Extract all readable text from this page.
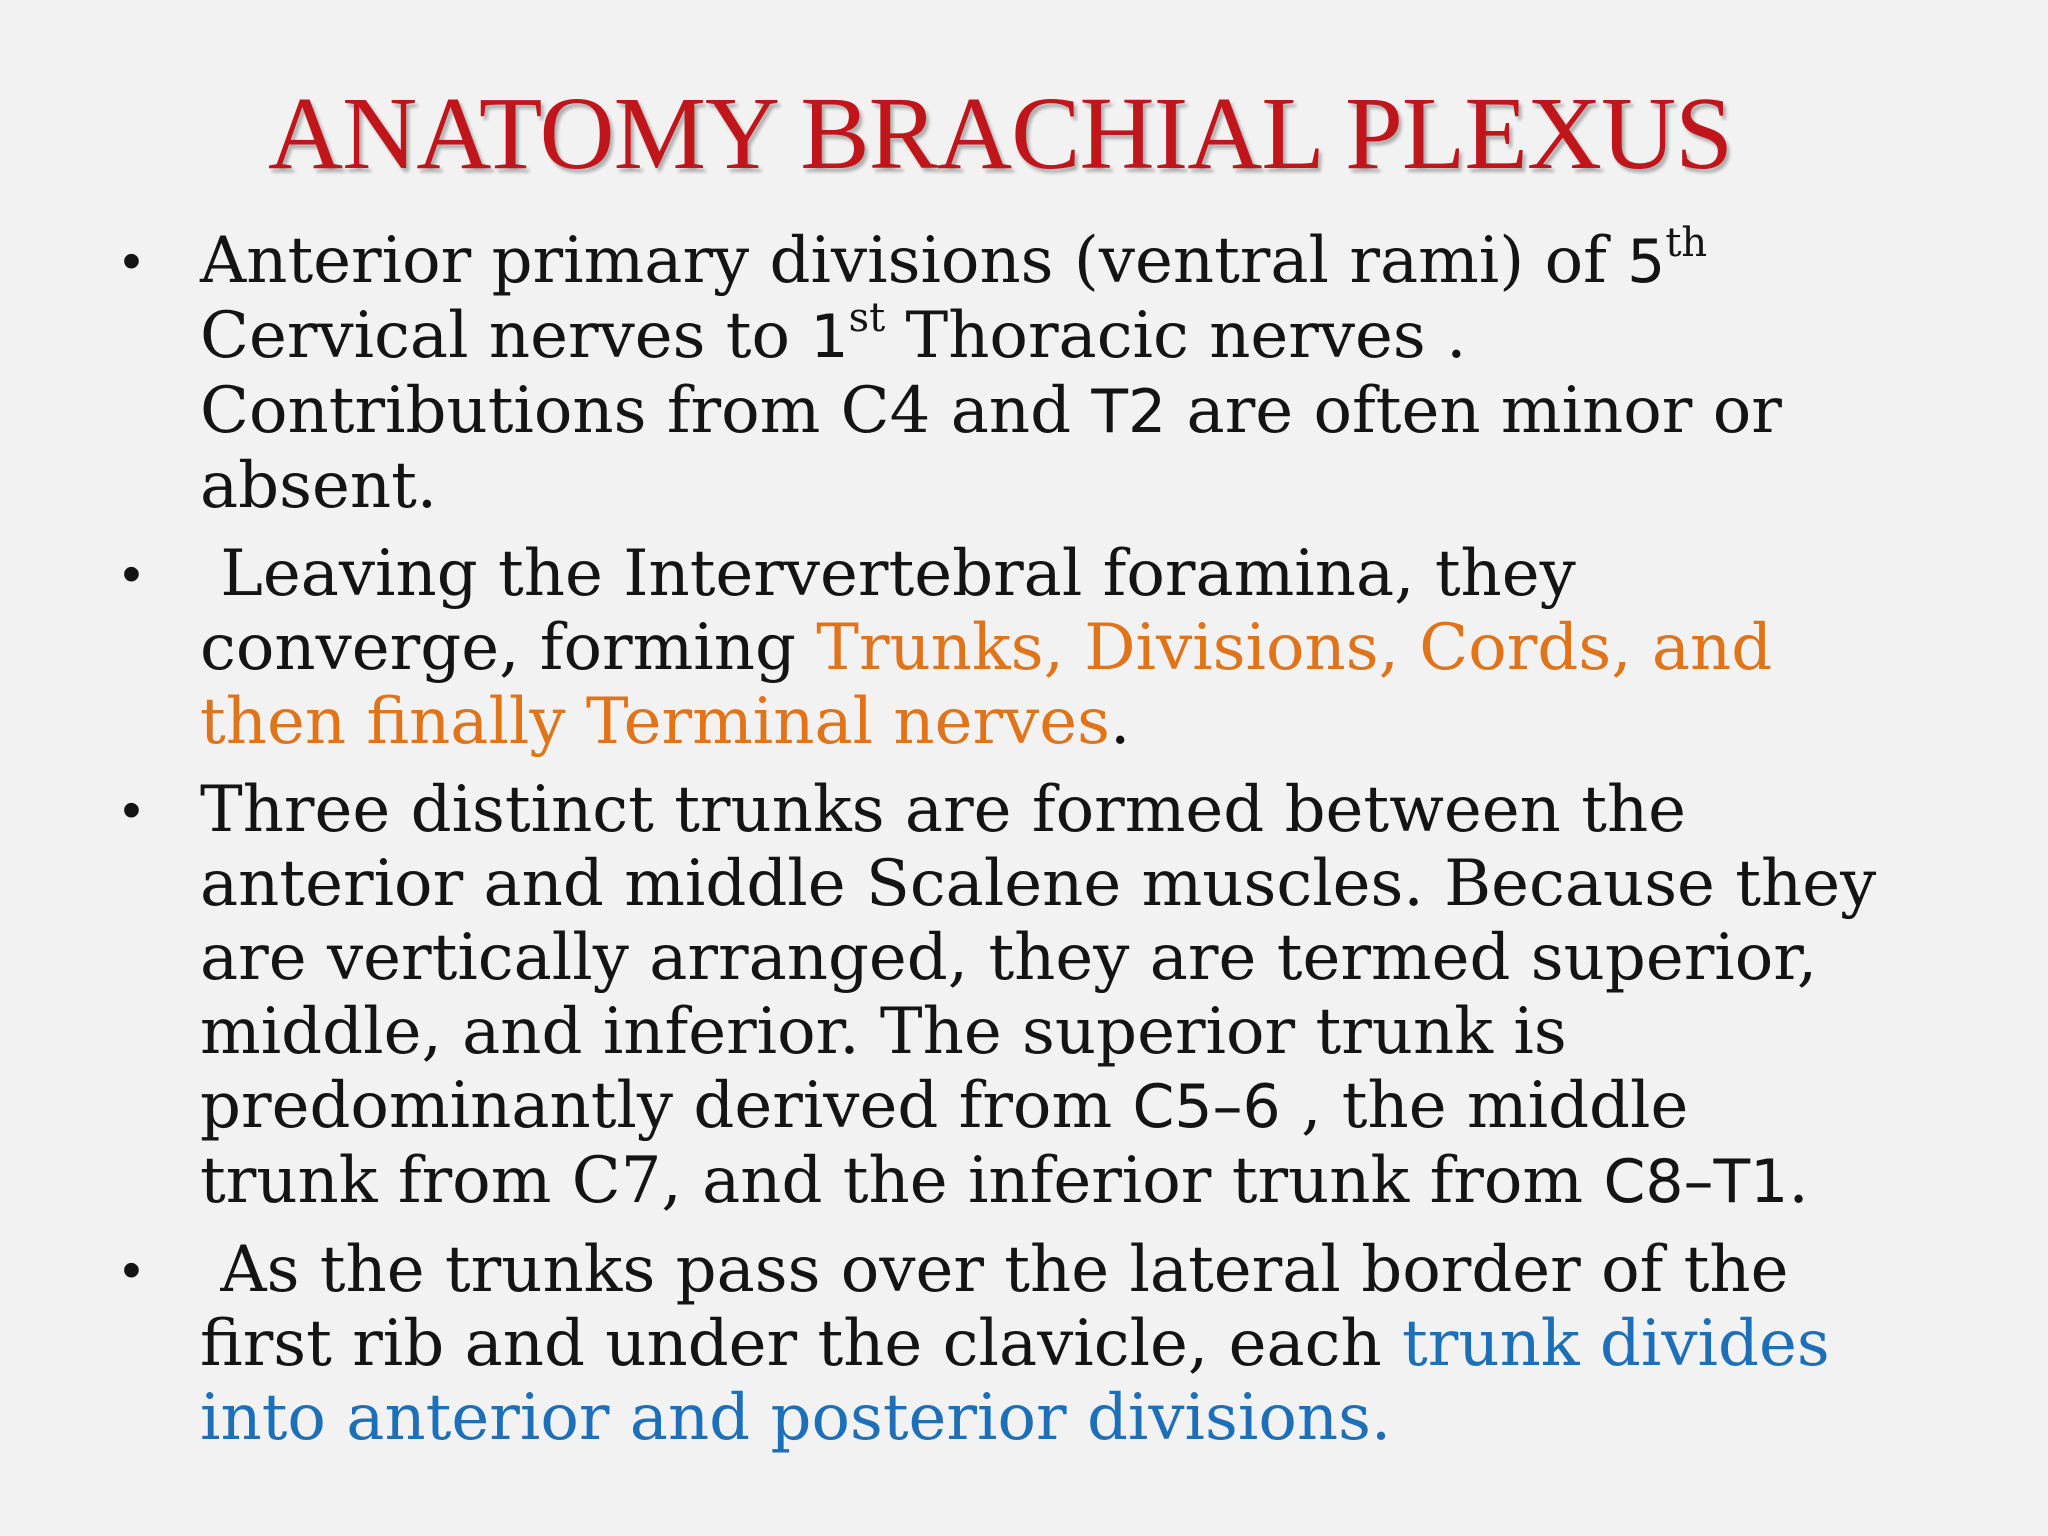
ANATOMY BRACHIAL PLEXUS
• Anterior primary divisions (ventral rami) of 5th
Cervical nerves to 1st Thoracic nerves .
Contributions from C4 and T2 are often minor or
absent.
• Leaving the Intervertebral foramina, they
converge, forming Trunks, Divisions, Cords, and
then finally Terminal nerves.
• Three distinct trunks are formed between the
anterior and middle Scalene muscles. Because they
are vertically arranged, they are termed superior,
middle, and inferior. The superior trunk is
predominantly derived from C5–6 , the middle
trunk from C7, and the inferior trunk from C8–T1.
• As the trunks pass over the lateral border of the
first rib and under the clavicle, each trunk divides
into anterior and posterior divisions.
